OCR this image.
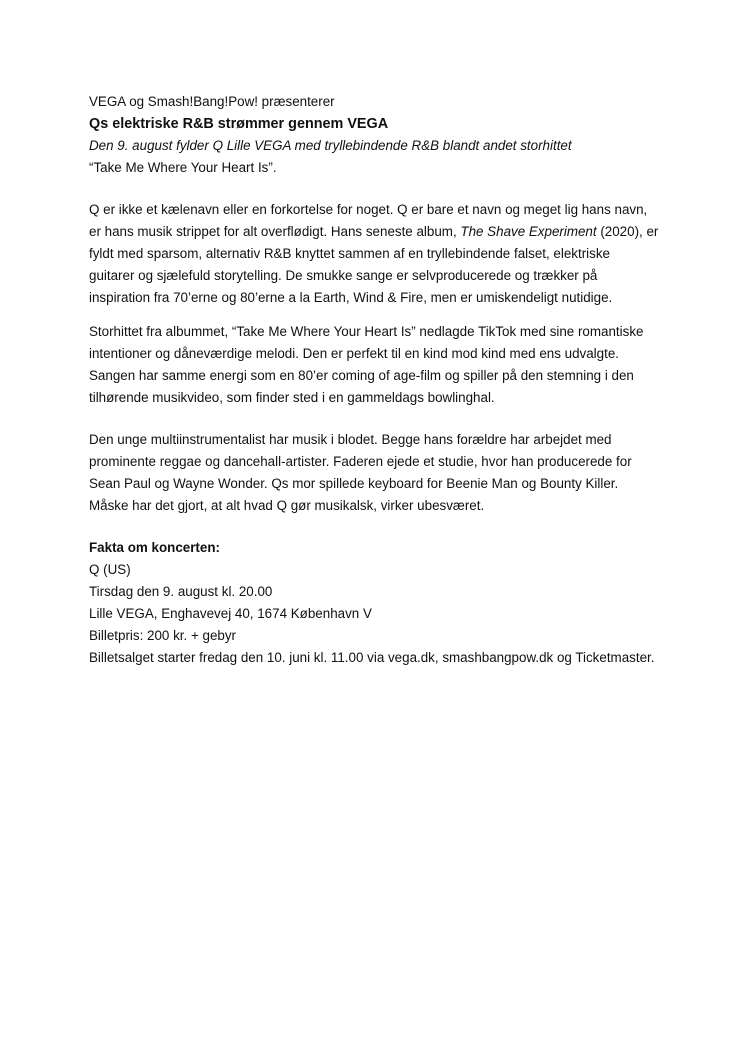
VEGA og Smash!Bang!Pow! præsenterer

Qs elektriske R&B strømmer gennem VEGA

Den 9. august fylder Q Lille VEGA med tryllebindende R&B blandt andet storhittet
“Take Me Where Your Heart Is”.

Q er ikke et kælenavn eller en forkortelse for noget. Q er bare et navn og meget lig hans navn, er hans musik strippet for alt overflødigt. Hans seneste album, The Shave Experiment (2020), er fyldt med sparsom, alternativ R&B knyttet sammen af en tryllebindende falset, elektriske guitarer og sjælefuld storytelling. De smukke sange er selvproducerede og trækker på inspiration fra 70’erne og 80’erne a la Earth, Wind & Fire, men er umiskendeligt nutidige.

Storhittet fra albummet, “Take Me Where Your Heart Is” nedlagde TikTok med sine romantiske intentioner og dåneværdige melodi. Den er perfekt til en kind mod kind med ens udvalgte. Sangen har samme energi som en 80’er coming of age-film og spiller på den stemning i den tilhørende musikvideo, som finder sted i en gammeldags bowlinghal.

Den unge multiinstrumentalist har musik i blodet. Begge hans forældre har arbejdet med prominente reggae og dancehall-artister. Faderen ejede et studie, hvor han producerede for Sean Paul og Wayne Wonder. Qs mor spillede keyboard for Beenie Man og Bounty Killer. Måske har det gjort, at alt hvad Q gør musikalsk, virker ubesværet.

Fakta om koncerten:

Q (US)

Tirsdag den 9. august kl. 20.00

Lille VEGA, Enghavevej 40, 1674 København V

Billetpris: 200 kr. + gebyr

Billetsalget starter fredag den 10. juni kl. 11.00 via vega.dk, smashbangpow.dk og Ticketmaster.
